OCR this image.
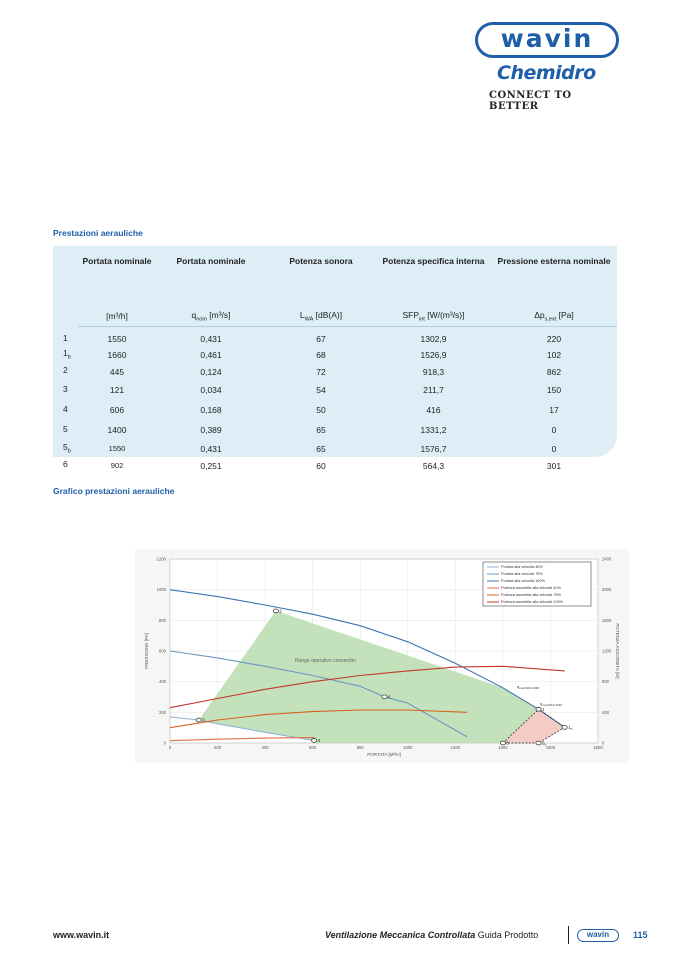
wavin
Chemidro
CONNECT TO BETTER
Prestazioni aerauliche
	Portata nominale	Portata nominale	Potenza sonora	Potenza specifica interna	Pressione esterna nominale
	[m³/h]	$q_{nom}$ [m³/s]	$L_{WA}$ [dB(A)]	$SFP_{int}$ [W/(m³/s)]	$\Delta p_{s,ext}$ [Pa]
1	1550	0,431	67	1302,9	220
$1_b$	1660	0,461	68	1526,9	102
2	445	0,124	72	918,3	862
3	121	0,034	54	211,7	150
4	606	0,168	50	416	17
5	1400	0,389	65	1331,2	0
$5_b$	1550	0,431	65	1576,7	0
6	902	0,251	60	564,3	301
Grafico prestazioni aerauliche
1
$1_b$
2
3
4
5	$5_b$
6
0	200	400	600	800	1000	1200	1400	1600	1800
0
200
400
600
800
1000
1200
0
400
800
1200
1600
2000
2400
Range operativo consentito
$q_{nomMAX 2018}$
$q_{nomMAX 2016}$
PORTATA [M³/H]
PRESSIONE [PA]	POTENZA ASSORBITA [W]
Portata alla velocità 40%
Portata alla velocità 75%
Portata alla velocità 100%
Potenza assorbita alla velocità 40%
Potenza assorbita alla velocità 75%
Potenza assorbita alla velocità 100%
www.wavin.it	Ventilazione Meccanica Controllata Guida Prodotto	wavin	115
